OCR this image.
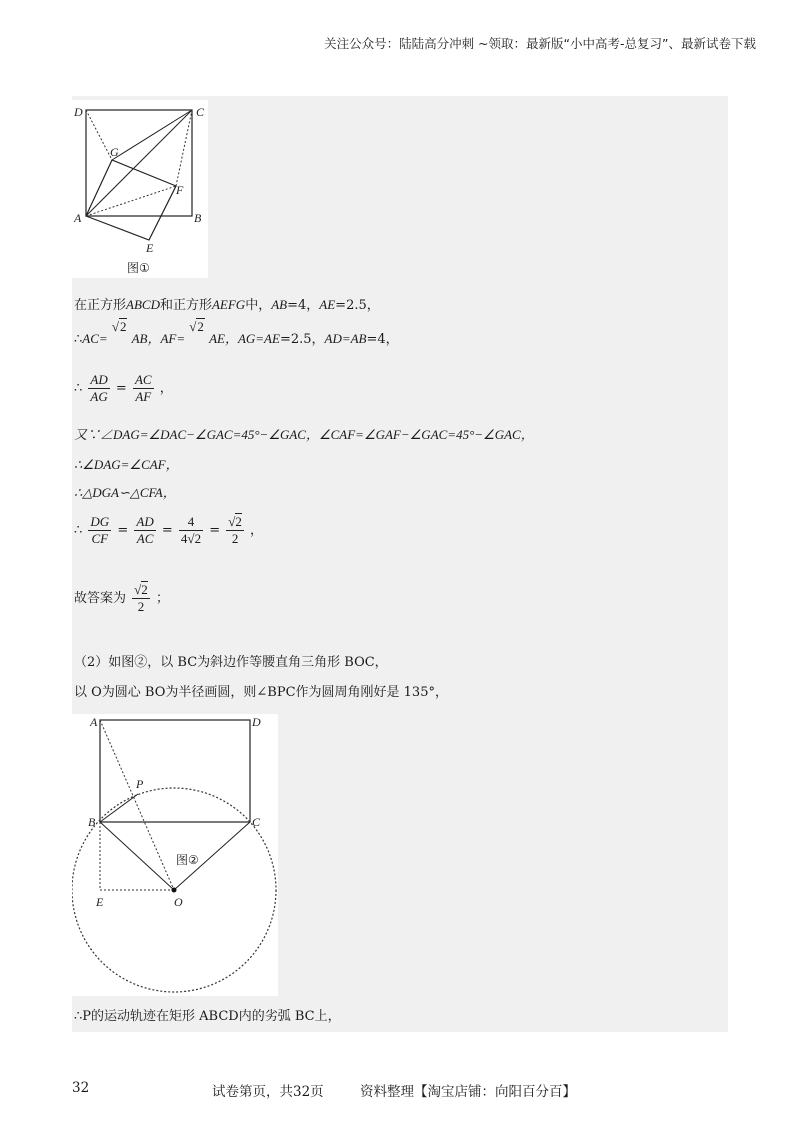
关注公众号：陆陆高分冲刺 ~领取：最新版“小中高考-总复习”、最新试卷下载
D	C
G
F
A	B
E
图①
在正方形ABCD和正方形AEFG中，AB=4，AE=2.5，
∴AC= √2 AB，AF= √2 AE，AG=AE=2.5，AD=AB=4，
∴ $\frac{AD}{AG} = \frac{AC}{AF}$ ，
又∵∠DAG=∠DAC−∠GAC=45°−∠GAC，∠CAF=∠GAF−∠GAC=45°−∠GAC，
∴∠DAG=∠CAF，
∴△DGA∽△CFA，
∴ $\frac{DG}{CF} = \frac{AD}{AC} = \frac{4}{4√2} = \frac{√2}{2}$ ，
故答案为 $\frac{√2}{2}$ ；
（2）如图②，以 BC为斜边作等腰直角三角形 BOC，
以 O为圆心 BO为半径画圆，则∠BPC作为圆周角刚好是 135°，
A	D
P
B	C
E	O
图②
∴P的运动轨迹在矩形 ABCD内的劣弧 BC上，
32	试卷第页，共32页	资料整理【淘宝店铺：向阳百分百】
